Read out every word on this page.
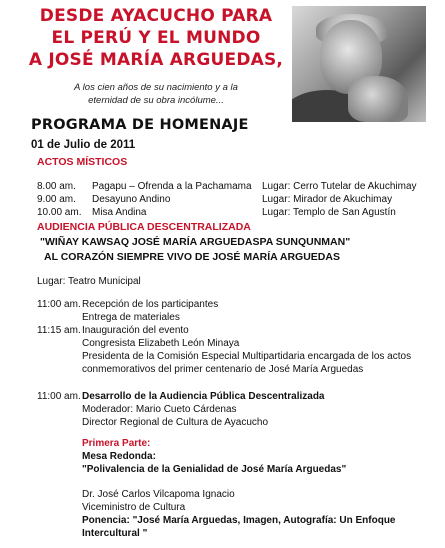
DESDE AYACUCHO PARA
EL PERÚ Y EL MUNDO
A JOSÉ MARÍA ARGUEDAS,
A los cien años de su nacimiento y a la
eternidad de su obra incólume...
PROGRAMA DE HOMENAJE
01 de Julio de 2011
ACTOS MÍSTICOS
8.00 am. Pagapu – Ofrenda a la Pachamama Lugar: Cerro Tutelar de Akuchimay
9.00 am. Desayuno Andino	Lugar: Mirador de Akuchimay
10.00 am. Misa Andina	Lugar: Templo de San Agustín
AUDIENCIA PÚBLICA DESCENTRALIZADA
"WIÑAY KAWSAQ JOSÉ MARÍA ARGUEDASPA SUNQUNMAN"
AL CORAZÓN SIEMPRE VIVO DE JOSÉ MARÍA ARGUEDAS
Lugar: Teatro Municipal
11:00 am. Recepción de los participantes
Entrega de materiales
11:15 am. Inauguración del evento
Congresista Elizabeth León Minaya
Presidenta de la Comisión Especial Multipartidaria encargada de los actos
conmemorativos del primer centenario de José María Arguedas
11:00 am. Desarrollo de la Audiencia Pública Descentralizada
Moderador: Mario Cueto Cárdenas
Director Regional de Cultura de Ayacucho
Primera Parte:
Mesa Redonda:
"Polivalencia de la Genialidad de José María Arguedas"
Dr. José Carlos Vilcapoma Ignacio
Viceministro de Cultura
Ponencia: "José María Arguedas, Imagen, Autografía: Un Enfoque
Intercultural "
